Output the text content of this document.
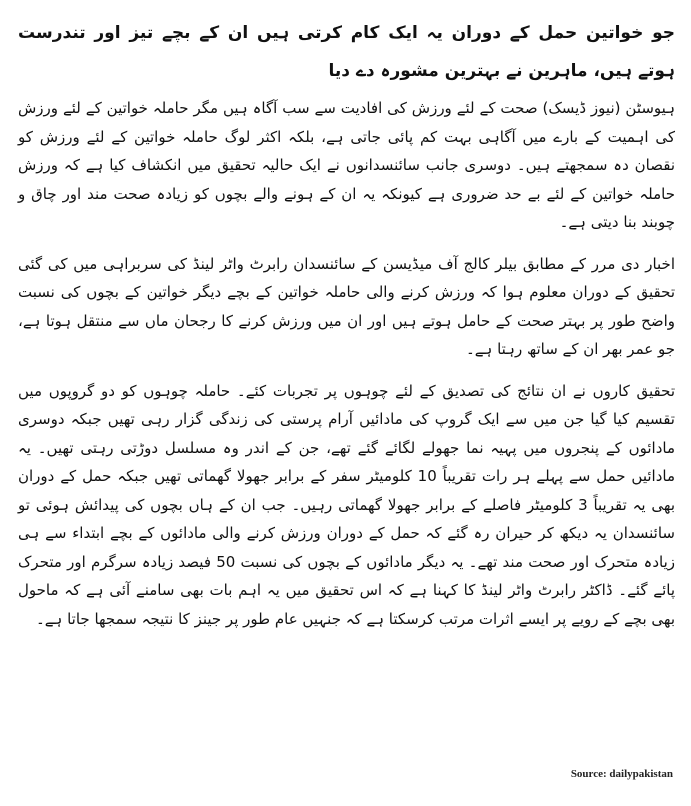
جو خواتین حمل کے دوران یہ ایک کام کرتی ہیں ان کے بچے تیز اور تندرست ہوتے ہیں، ماہرین نے بہترین مشورہ دے دیا

ہیوسٹن (نیوز ڈیسک) صحت کے لئے ورزش کی افادیت سے سب آگاہ ہیں مگر حاملہ خواتین کے لئے ورزش کی اہمیت کے بارے میں آگاہی بہت کم پائی جاتی ہے، بلکہ اکثر لوگ حاملہ خواتین کے لئے ورزش کو نقصان دہ سمجھتے ہیں۔ دوسری جانب سائنسدانوں نے ایک حالیہ تحقیق میں انکشاف کیا ہے کہ ورزش حاملہ خواتین کے لئے بے حد ضروری ہے کیونکہ یہ ان کے ہونے والے بچوں کو زیادہ صحت مند اور چاق و چوبند بنا دیتی ہے۔

اخبار دی مرر کے مطابق بیلر کالج آف میڈیسن کے سائنسدان رابرٹ واٹر لینڈ کی سربراہی میں کی گئی تحقیق کے دوران معلوم ہوا کہ ورزش کرنے والی حاملہ خواتین کے بچے دیگر خواتین کے بچوں کی نسبت واضح طور پر بہتر صحت کے حامل ہوتے ہیں اور ان میں ورزش کرنے کا رجحان ماں سے منتقل ہوتا ہے، جو عمر بھر ان کے ساتھ رہتا ہے۔

تحقیق کاروں نے ان نتائج کی تصدیق کے لئے چوہوں پر تجربات کئے۔ حاملہ چوہوں کو دو گروپوں میں تقسیم کیا گیا جن میں سے ایک گروپ کی مادائیں آرام پرستی کی زندگی گزار رہی تھیں جبکہ دوسری مادائوں کے پنجروں میں پہیہ نما جھولے لگائے گئے تھے، جن کے اندر وہ مسلسل دوڑتی رہتی تھیں۔ یہ مادائیں حمل سے پہلے ہر رات تقریباً 10 کلومیٹر سفر کے برابر جھولا گھماتی تھیں جبکہ حمل کے دوران بھی یہ تقریباً 3 کلومیٹر فاصلے کے برابر جھولا گھماتی رہیں۔ جب ان کے ہاں بچوں کی پیدائش ہوئی تو سائنسدان یہ دیکھ کر حیران رہ گئے کہ حمل کے دوران ورزش کرنے والی مادائوں کے بچے ابتداء سے ہی زیادہ متحرک اور صحت مند تھے۔ یہ دیگر مادائوں کے بچوں کی نسبت 50 فیصد زیادہ سرگرم اور متحرک پائے گئے۔ ڈاکٹر رابرٹ واٹر لینڈ کا کہنا ہے کہ اس تحقیق میں یہ اہم بات بھی سامنے آئی ہے کہ ماحول بھی بچے کے رویے پر ایسے اثرات مرتب کرسکتا ہے کہ جنہیں عام طور پر جینز کا نتیجہ سمجھا جاتا ہے۔

Source: dailypakistan
